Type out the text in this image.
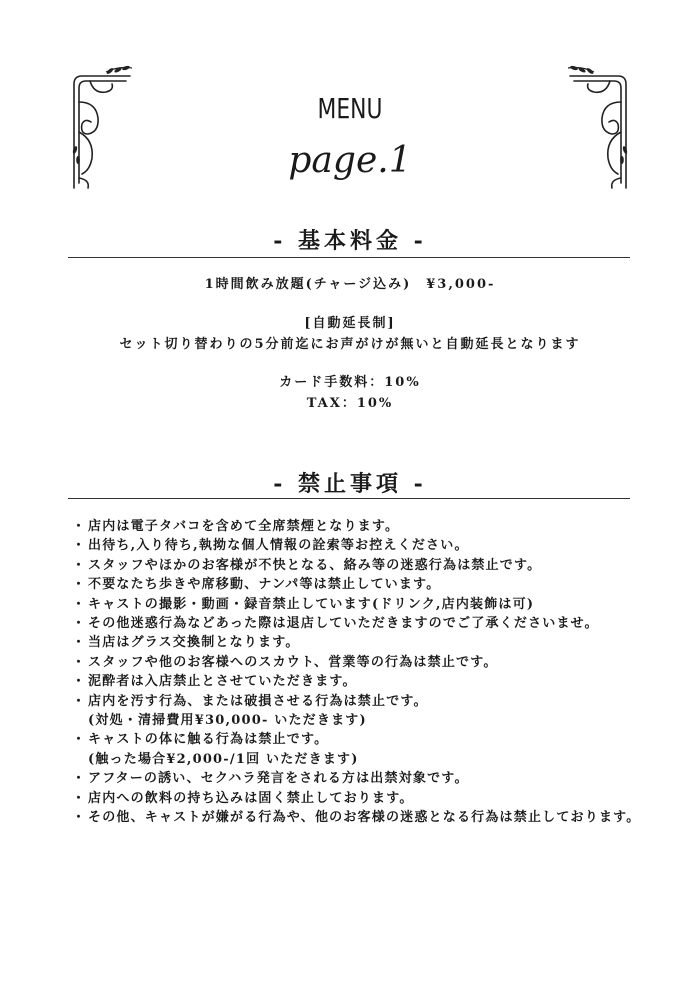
MENU
page.1
- 基本料金 -
1時間飲み放題(チャージ込み)　¥3,000-
[自動延長制]
セット切り替わりの5分前迄にお声がけが無いと自動延長となります
カード手数料：10%
TAX：10%
- 禁止事項 -
・ 店内は電子タバコを含めて全席禁煙となります。
・ 出待ち,入り待ち,執拗な個人情報の詮索等お控えください。
・ スタッフやほかのお客様が不快となる、絡み等の迷惑行為は禁止です。
・ 不要なたち歩きや席移動、ナンパ等は禁止しています。
・ キャストの撮影・動画・録音禁止しています(ドリンク,店内装飾は可)
・ その他迷惑行為などあった際は退店していただきますのでご了承くださいませ。
・ 当店はグラス交換制となります。
・ スタッフや他のお客様へのスカウト、営業等の行為は禁止です。
・ 泥酔者は入店禁止とさせていただきます。
・ 店内を汚す行為、または破損させる行為は禁止です。
(対処・清掃費用¥30,000- いただきます)
・ キャストの体に触る行為は禁止です。
(触った場合¥2,000-/1回 いただきます)
・ アフターの誘い、セクハラ発言をされる方は出禁対象です。
・ 店内への飲料の持ち込みは固く禁止しております。
・ その他、キャストが嫌がる行為や、他のお客様の迷惑となる行為は禁止しております。
